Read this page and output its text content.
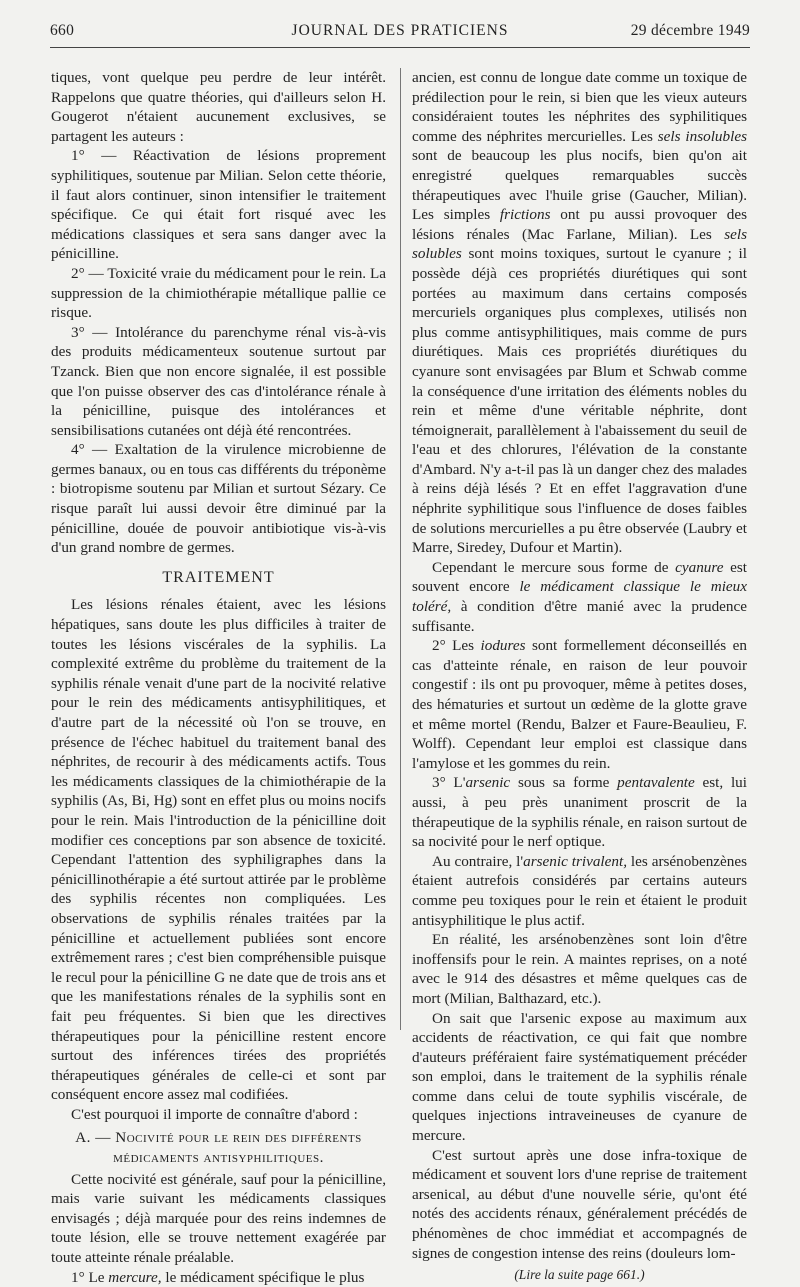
660	JOURNAL DES PRATICIENS	29 décembre 1949

tiques, vont quelque peu perdre de leur intérêt. Rappelons que quatre théories, qui d'ailleurs selon H. Gougerot n'étaient aucunement exclusives, se partagent les auteurs :

1° — Réactivation de lésions proprement syphilitiques, soutenue par Milian. Selon cette théorie, il faut alors continuer, sinon intensifier le traitement spécifique. Ce qui était fort risqué avec les médications classiques et sera sans danger avec la pénicilline.

2° — Toxicité vraie du médicament pour le rein. La suppression de la chimiothérapie métallique pallie ce risque.

3° — Intolérance du parenchyme rénal vis-à-vis des produits médicamenteux soutenue surtout par Tzanck. Bien que non encore signalée, il est possible que l'on puisse observer des cas d'intolérance rénale à la pénicilline, puisque des intolérances et sensibilisations cutanées ont déjà été rencontrées.

4° — Exaltation de la virulence microbienne de germes banaux, ou en tous cas différents du tréponème : biotropisme soutenu par Milian et surtout Sézary. Ce risque paraît lui aussi devoir être diminué par la pénicilline, douée de pouvoir antibiotique vis-à-vis d'un grand nombre de germes.

TRAITEMENT

Les lésions rénales étaient, avec les lésions hépatiques, sans doute les plus difficiles à traiter de toutes les lésions viscérales de la syphilis. La complexité extrême du problème du traitement de la syphilis rénale venait d'une part de la nocivité relative pour le rein des médicaments antisyphilitiques, et d'autre part de la nécessité où l'on se trouve, en présence de l'échec habituel du traitement banal des néphrites, de recourir à des médicaments actifs. Tous les médicaments classiques de la chimiothérapie de la syphilis (As, Bi, Hg) sont en effet plus ou moins nocifs pour le rein. Mais l'introduction de la pénicilline doit modifier ces conceptions par son absence de toxicité. Cependant l'attention des syphiligraphes dans la pénicillinothérapie a été surtout attirée par le problème des syphilis récentes non compliquées. Les observations de syphilis rénales traitées par la pénicilline et actuellement publiées sont encore extrêmement rares ; c'est bien compréhensible puisque le recul pour la pénicilline G ne date que de trois ans et que les manifestations rénales de la syphilis sont en fait peu fréquentes. Si bien que les directives thérapeutiques pour la pénicilline restent encore surtout des inférences tirées des propriétés thérapeutiques générales de celle-ci et sont par conséquent encore assez mal codifiées.

C'est pourquoi il importe de connaître d'abord :

A. — Nocivité pour le rein des différents médicaments antisyphilitiques.

Cette nocivité est générale, sauf pour la pénicilline, mais varie suivant les médicaments classiques envisagés ; déjà marquée pour des reins indemnes de toute lésion, elle se trouve nettement exagérée par toute atteinte rénale préalable.

1° Le mercure, le médicament spécifique le plus

ancien, est connu de longue date comme un toxique de prédilection pour le rein, si bien que les vieux auteurs considéraient toutes les néphrites des syphilitiques comme des néphrites mercurielles. Les sels insolubles sont de beaucoup les plus nocifs, bien qu'on ait enregistré quelques remarquables succès thérapeutiques avec l'huile grise (Gaucher, Milian). Les simples frictions ont pu aussi provoquer des lésions rénales (Mac Farlane, Milian). Les sels solubles sont moins toxiques, surtout le cyanure ; il possède déjà ces propriétés diurétiques qui sont portées au maximum dans certains composés mercuriels organiques plus complexes, utilisés non plus comme antisyphilitiques, mais comme de purs diurétiques. Mais ces propriétés diurétiques du cyanure sont envisagées par Blum et Schwab comme la conséquence d'une irritation des éléments nobles du rein et même d'une véritable néphrite, dont témoignerait, parallèlement à l'abaissement du seuil de l'eau et des chlorures, l'élévation de la constante d'Ambard. N'y a-t-il pas là un danger chez des malades à reins déjà lésés ? Et en effet l'aggravation d'une néphrite syphilitique sous l'influence de doses faibles de solutions mercurielles a pu être observée (Laubry et Marre, Siredey, Dufour et Martin).

Cependant le mercure sous forme de cyanure est souvent encore le médicament classique le mieux toléré, à condition d'être manié avec la prudence suffisante.

2° Les iodures sont formellement déconseillés en cas d'atteinte rénale, en raison de leur pouvoir congestif : ils ont pu provoquer, même à petites doses, des hématuries et surtout un œdème de la glotte grave et même mortel (Rendu, Balzer et Faure-Beaulieu, F. Wolff). Cependant leur emploi est classique dans l'amylose et les gommes du rein.

3° L'arsenic sous sa forme pentavalente est, lui aussi, à peu près unaniment proscrit de la thérapeutique de la syphilis rénale, en raison surtout de sa nocivité pour le nerf optique.

Au contraire, l'arsenic trivalent, les arsénobenzènes étaient autrefois considérés par certains auteurs comme peu toxiques pour le rein et étaient le produit antisyphilitique le plus actif.

En réalité, les arsénobenzènes sont loin d'être inoffensifs pour le rein. A maintes reprises, on a noté avec le 914 des désastres et même quelques cas de mort (Milian, Balthazard, etc.).

On sait que l'arsenic expose au maximum aux accidents de réactivation, ce qui fait que nombre d'auteurs préféraient faire systématiquement précéder son emploi, dans le traitement de la syphilis rénale comme dans celui de toute syphilis viscérale, de quelques injections intraveineuses de cyanure de mercure.

C'est surtout après une dose infra-toxique de médicament et souvent lors d'une reprise de traitement arsenical, au début d'une nouvelle série, qu'ont été notés des accidents rénaux, généralement précédés de phénomènes de choc immédiat et accompagnés de signes de congestion intense des reins (douleurs lom-

(Lire la suite page 661.)
